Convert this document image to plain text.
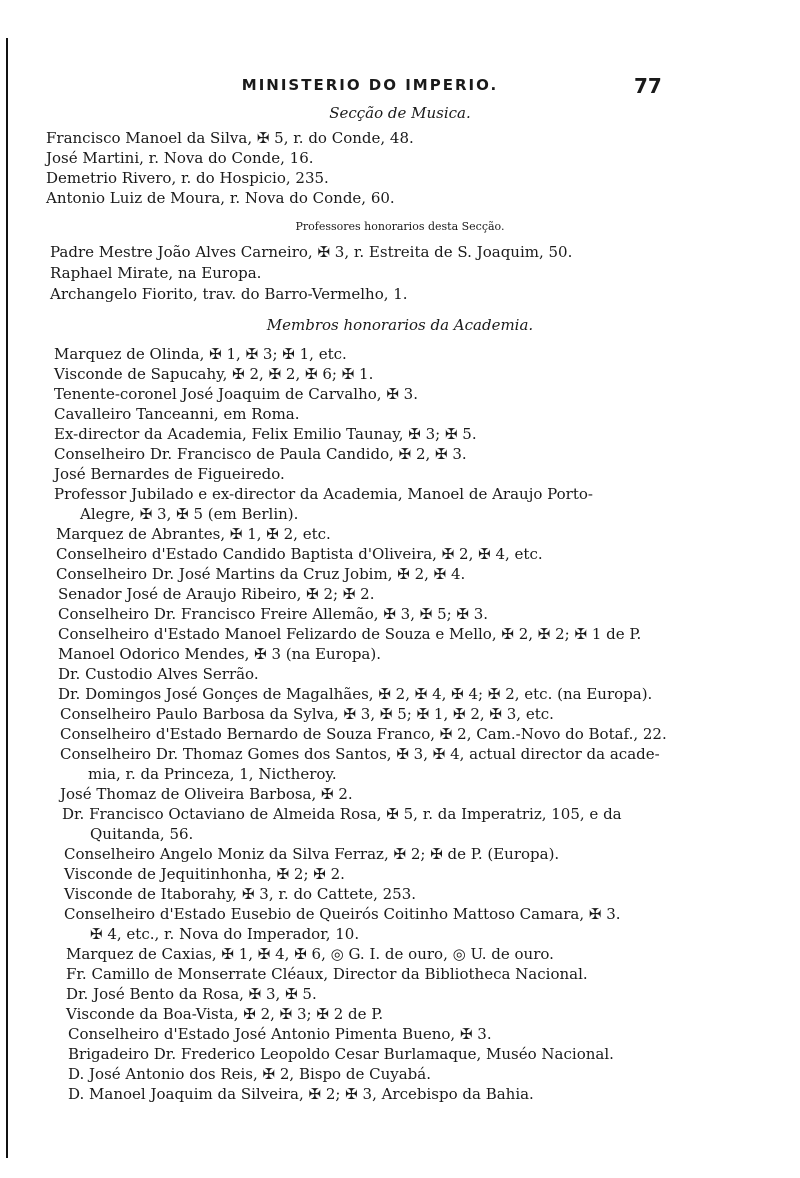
MINISTERIO DO IMPERIO.	77
Secção de Musica.
Francisco Manoel da Silva, ✠ 5, r. do Conde, 48.
José Martini, r. Nova do Conde, 16.
Demetrio Rivero, r. do Hospicio, 235.
Antonio Luiz de Moura, r. Nova do Conde, 60.
Professores honorarios desta Secção.
Padre Mestre João Alves Carneiro, ✠ 3, r. Estreita de S. Joaquim, 50.
Raphael Mirate, na Europa.
Archangelo Fiorito, trav. do Barro-Vermelho, 1.
Membros honorarios da Academia.
Marquez de Olinda, ✠ 1, ✠ 3; ✠ 1, etc.
Visconde de Sapucahy, ✠ 2, ✠ 2, ✠ 6; ✠ 1.
Tenente-coronel José Joaquim de Carvalho, ✠ 3.
Cavalleiro Tanceanni, em Roma.
Ex-director da Academia, Felix Emilio Taunay, ✠ 3; ✠ 5.
Conselheiro Dr. Francisco de Paula Candido, ✠ 2, ✠ 3.
José Bernardes de Figueiredo.
Professor Jubilado e ex-director da Academia, Manoel de Araujo Porto-
Alegre, ✠ 3, ✠ 5 (em Berlin).
Marquez de Abrantes, ✠ 1, ✠ 2, etc.
Conselheiro d'Estado Candido Baptista d'Oliveira, ✠ 2, ✠ 4, etc.
Conselheiro Dr. José Martins da Cruz Jobim, ✠ 2, ✠ 4.
Senador José de Araujo Ribeiro, ✠ 2; ✠ 2.
Conselheiro Dr. Francisco Freire Allemão, ✠ 3, ✠ 5; ✠ 3.
Conselheiro d'Estado Manoel Felizardo de Souza e Mello, ✠ 2, ✠ 2; ✠ 1 de P.
Manoel Odorico Mendes, ✠ 3 (na Europa).
Dr. Custodio Alves Serrão.
Dr. Domingos José Gonçes de Magalhães, ✠ 2, ✠ 4, ✠ 4; ✠ 2, etc. (na Europa).
Conselheiro Paulo Barbosa da Sylva, ✠ 3, ✠ 5; ✠ 1, ✠ 2, ✠ 3, etc.
Conselheiro d'Estado Bernardo de Souza Franco, ✠ 2, Cam.-Novo do Botaf., 22.
Conselheiro Dr. Thomaz Gomes dos Santos, ✠ 3, ✠ 4, actual director da acade-
mia, r. da Princeza, 1, Nictheroy.
José Thomaz de Oliveira Barbosa, ✠ 2.
Dr. Francisco Octaviano de Almeida Rosa, ✠ 5, r. da Imperatriz, 105, e da
Quitanda, 56.
Conselheiro Angelo Moniz da Silva Ferraz, ✠ 2; ✠ de P. (Europa).
Visconde de Jequitinhonha, ✠ 2; ✠ 2.
Visconde de Itaborahy, ✠ 3, r. do Cattete, 253.
Conselheiro d'Estado Eusebio de Queirós Coitinho Mattoso Camara, ✠ 3.
✠ 4, etc., r. Nova do Imperador, 10.
Marquez de Caxias, ✠ 1, ✠ 4, ✠ 6, ◎ G. I. de ouro, ◎ U. de ouro.
Fr. Camillo de Monserrate Cléaux, Director da Bibliotheca Nacional.
Dr. José Bento da Rosa, ✠ 3, ✠ 5.
Visconde da Boa-Vista, ✠ 2, ✠ 3; ✠ 2 de P.
Conselheiro d'Estado José Antonio Pimenta Bueno, ✠ 3.
Brigadeiro Dr. Frederico Leopoldo Cesar Burlamaque, Muséo Nacional.
D. José Antonio dos Reis, ✠ 2, Bispo de Cuyabá.
D. Manoel Joaquim da Silveira, ✠ 2; ✠ 3, Arcebispo da Bahia.
